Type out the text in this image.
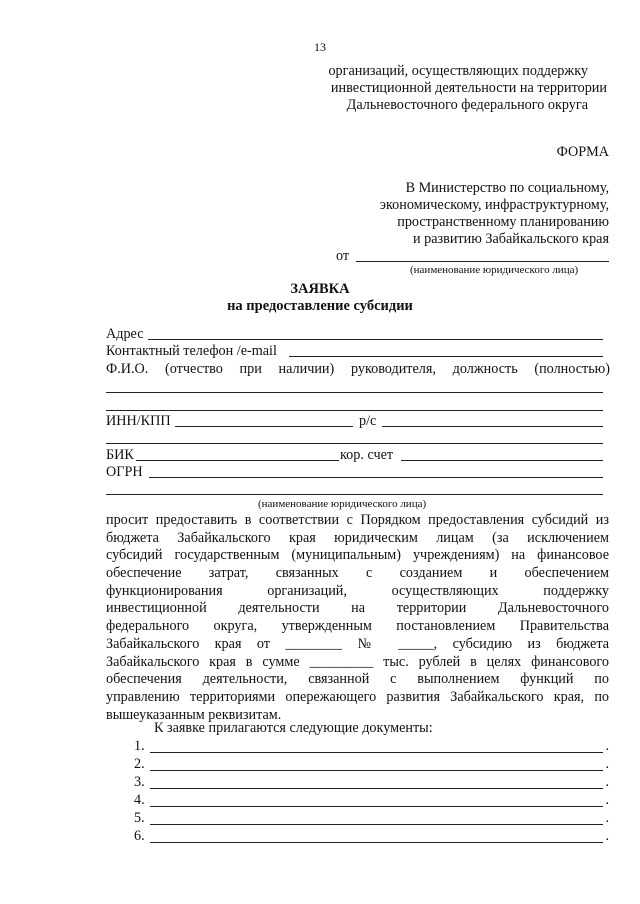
13
организаций, осуществляющих поддержку
инвестиционной деятельности на территории
Дальневосточного федерального округа
ФОРМА
В Министерство по социальному,
экономическому, инфраструктурному,
пространственному планированию
и развитию Забайкальского края
от
(наименование юридического лица)
ЗАЯВКА
на предоставление субсидии
Адрес
Контактный телефон /e-mail
Ф.И.О. (отчество при наличии) руководителя, должность (полностью)
ИНН/КПП	р/с
БИК	кор. счет
ОГРН
(наименование юридического лица)
просит предоставить в соответствии с Порядком предоставления субсидий из
бюджета Забайкальского края юридическим лицам (за исключением
субсидий государственным (муниципальным) учреждениям) на финансовое
обеспечение затрат, связанных с созданием и обеспечением
функционирования организаций, осуществляющих поддержку
инвестиционной деятельности на территории Дальневосточного
федерального округа, утвержденным постановлением Правительства
Забайкальского края от ________ № _____, субсидию из бюджета
Забайкальского края в сумме _________ тыс. рублей в целях финансового
обеспечения деятельности, связанной с выполнением функций по
управлению территориями опережающего развития Забайкальского края, по
вышеуказанным реквизитам.
К заявке прилагаются следующие документы:
1.	.
2.	.
3.	.
4.	.
5.	.
6.	.
